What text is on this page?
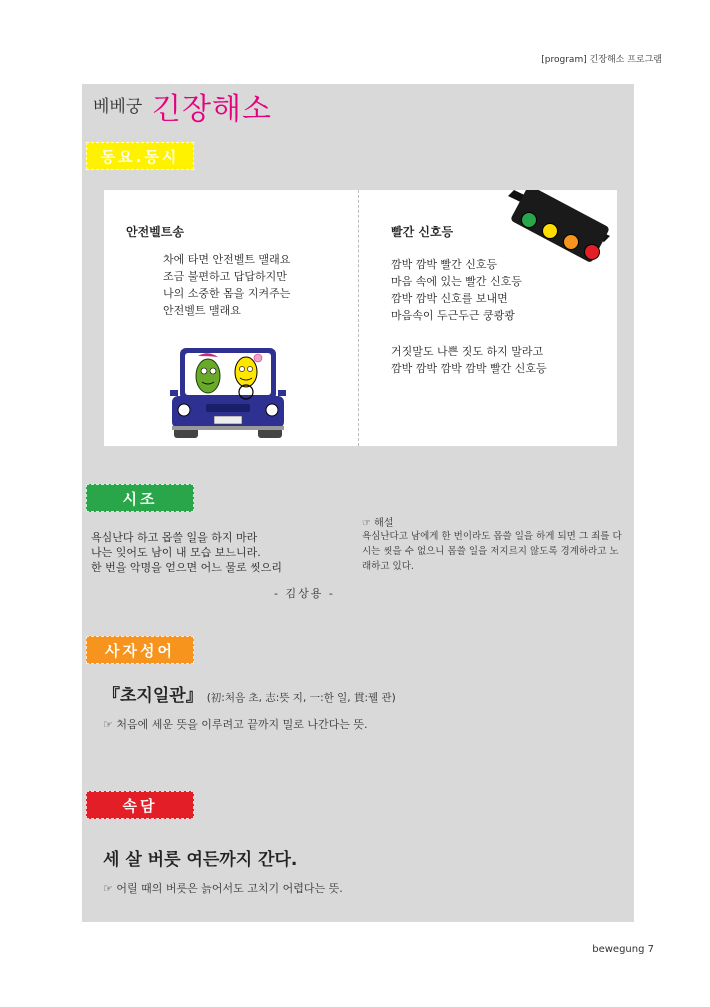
[program] 긴장해소 프로그램
베베궁 긴장해소
동요.동시
안전벨트송
차에 타면 안전벨트 맬래요
조금 불편하고 답답하지만
나의 소중한 몸을 지켜주는
안전벨트 맬래요
빨간 신호등
깜박 깜박 빨간 신호등
마음 속에 있는 빨간 신호등
깜박 깜박 신호를 보내면
마음속이 두근두근 쿵쾅쾅
거짓말도 나쁜 짓도 하지 말라고
깜박 깜박 깜박 깜박 빨간 신호등
시조
욕심난다 하고 몹쓸 일을 하지 마라
나는 잊어도 남이 내 모습 보느니라.
한 번을 악명을 얻으면 어느 물로 씻으리
- 김상용 -
☞ 해설
욕심난다고 남에게 한 번이라도 몹쓸 일을 하게 되면 그 죄를 다시는 씻을 수 없으니 몹쓸 일을 저지르지 않도록 경계하라고 노래하고 있다.
사자성어
『초지일관』 (初:처음 초, 志:뜻 지, 一:한 일, 貫:꿸 관)
☞ 처음에 세운 뜻을 이루려고 끝까지 밀로 나간다는 뜻.
속담
세 살 버릇 여든까지 간다.
☞ 어릴 때의 버릇은 늙어서도 고치기 어렵다는 뜻.
bewegung 7
